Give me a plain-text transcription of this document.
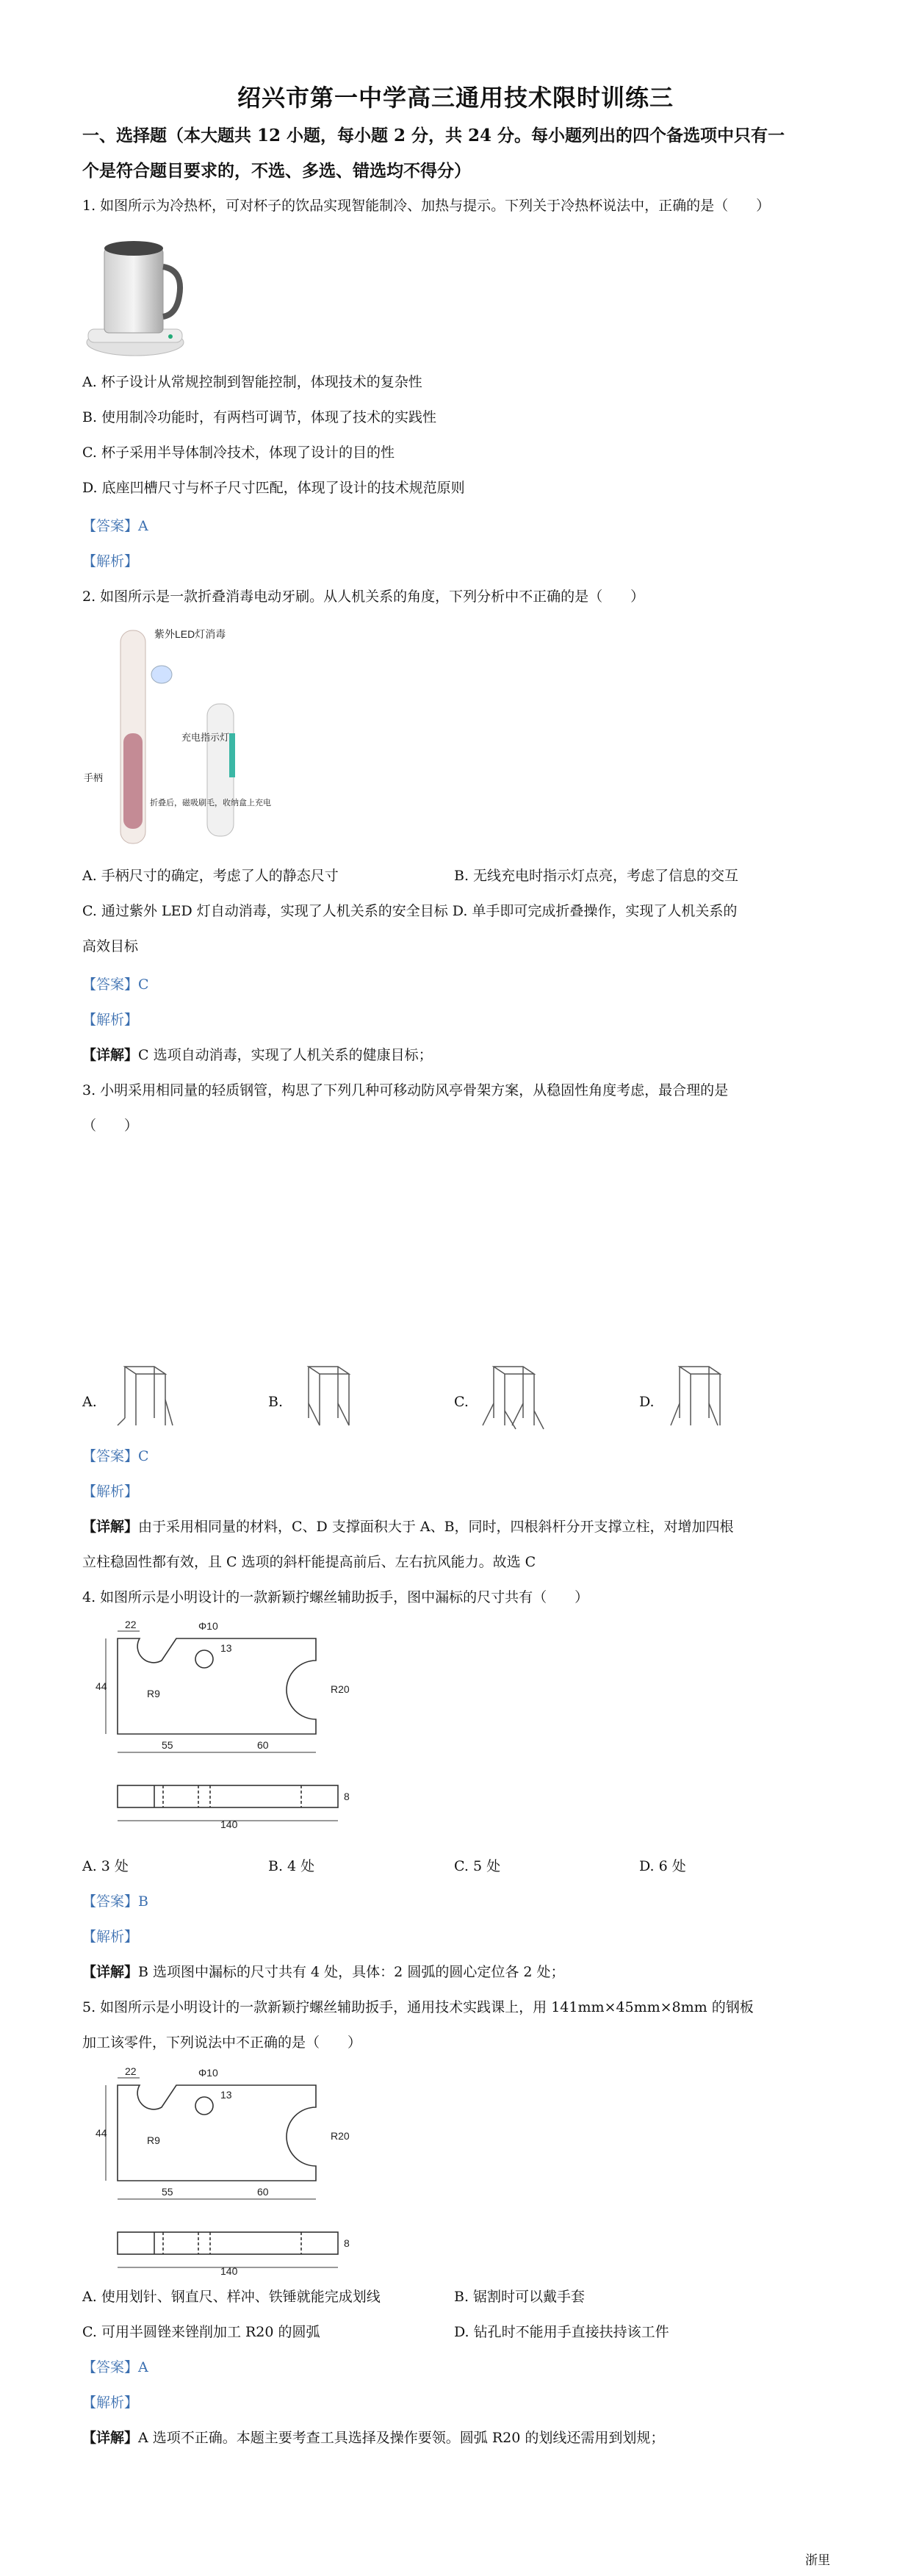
绍兴市第一中学高三通用技术限时训练三
一、选择题（本大题共 12 小题，每小题 2 分，共 24 分。每小题列出的四个备选项中只有一
个是符合题目要求的，不选、多选、错选均不得分）
1. 如图所示为冷热杯，可对杯子的饮品实现智能制冷、加热与提示。下列关于冷热杯说法中，正确的是（　　）
A. 杯子设计从常规控制到智能控制，体现技术的复杂性
B. 使用制冷功能时，有两档可调节，体现了技术的实践性
C. 杯子采用半导体制冷技术，体现了设计的目的性
D. 底座凹槽尺寸与杯子尺寸匹配，体现了设计的技术规范原则
【答案】A
【解析】
2. 如图所示是一款折叠消毒电动牙刷。从人机关系的角度，下列分析中不正确的是（　　）
紫外LED灯消毒
充电指示灯
手柄
折叠后，磁吸刷毛，收纳盒上充电
A. 手柄尺寸的确定，考虑了人的静态尺寸	B. 无线充电时指示灯点亮，考虑了信息的交互
C. 通过紫外 LED 灯自动消毒，实现了人机关系的安全目标 D. 单手即可完成折叠操作，实现了人机关系的
高效目标
【答案】C
【解析】
【详解】C 选项自动消毒，实现了人机关系的健康目标；
3. 小明采用相同量的轻质钢管，构思了下列几种可移动防风亭骨架方案，从稳固性角度考虑，最合理的是
（　　）
A.	B.	C.	D.
【答案】C
【解析】
【详解】由于采用相同量的材料，C、D 支撑面积大于 A、B，同时，四根斜杆分开支撑立柱，对增加四根
立柱稳固性都有效，且 C 选项的斜杆能提高前后、左右抗风能力。故选 C
4. 如图所示是小明设计的一款新颖拧螺丝辅助扳手，图中漏标的尺寸共有（　　）
22	Φ10
44
13
R9	R20
55	60
140
8
A. 3 处	B. 4 处	C. 5 处	D. 6 处
【答案】B
【解析】
【详解】B 选项图中漏标的尺寸共有 4 处，具体：2 圆弧的圆心定位各 2 处；
5. 如图所示是小明设计的一款新颖拧螺丝辅助扳手，通用技术实践课上，用 141mm×45mm×8mm 的钢板
加工该零件，下列说法中不正确的是（　　）
22	Φ10
44
13
R9	R20
55	60
140
8
A. 使用划针、钢直尺、样冲、铁锤就能完成划线	B. 锯割时可以戴手套
C. 可用半圆锉来锉削加工 R20 的圆弧	D. 钻孔时不能用手直接扶持该工件
【答案】A
【解析】
【详解】A 选项不正确。本题主要考查工具选择及操作要领。圆弧 R20 的划线还需用到划规；
浙里
